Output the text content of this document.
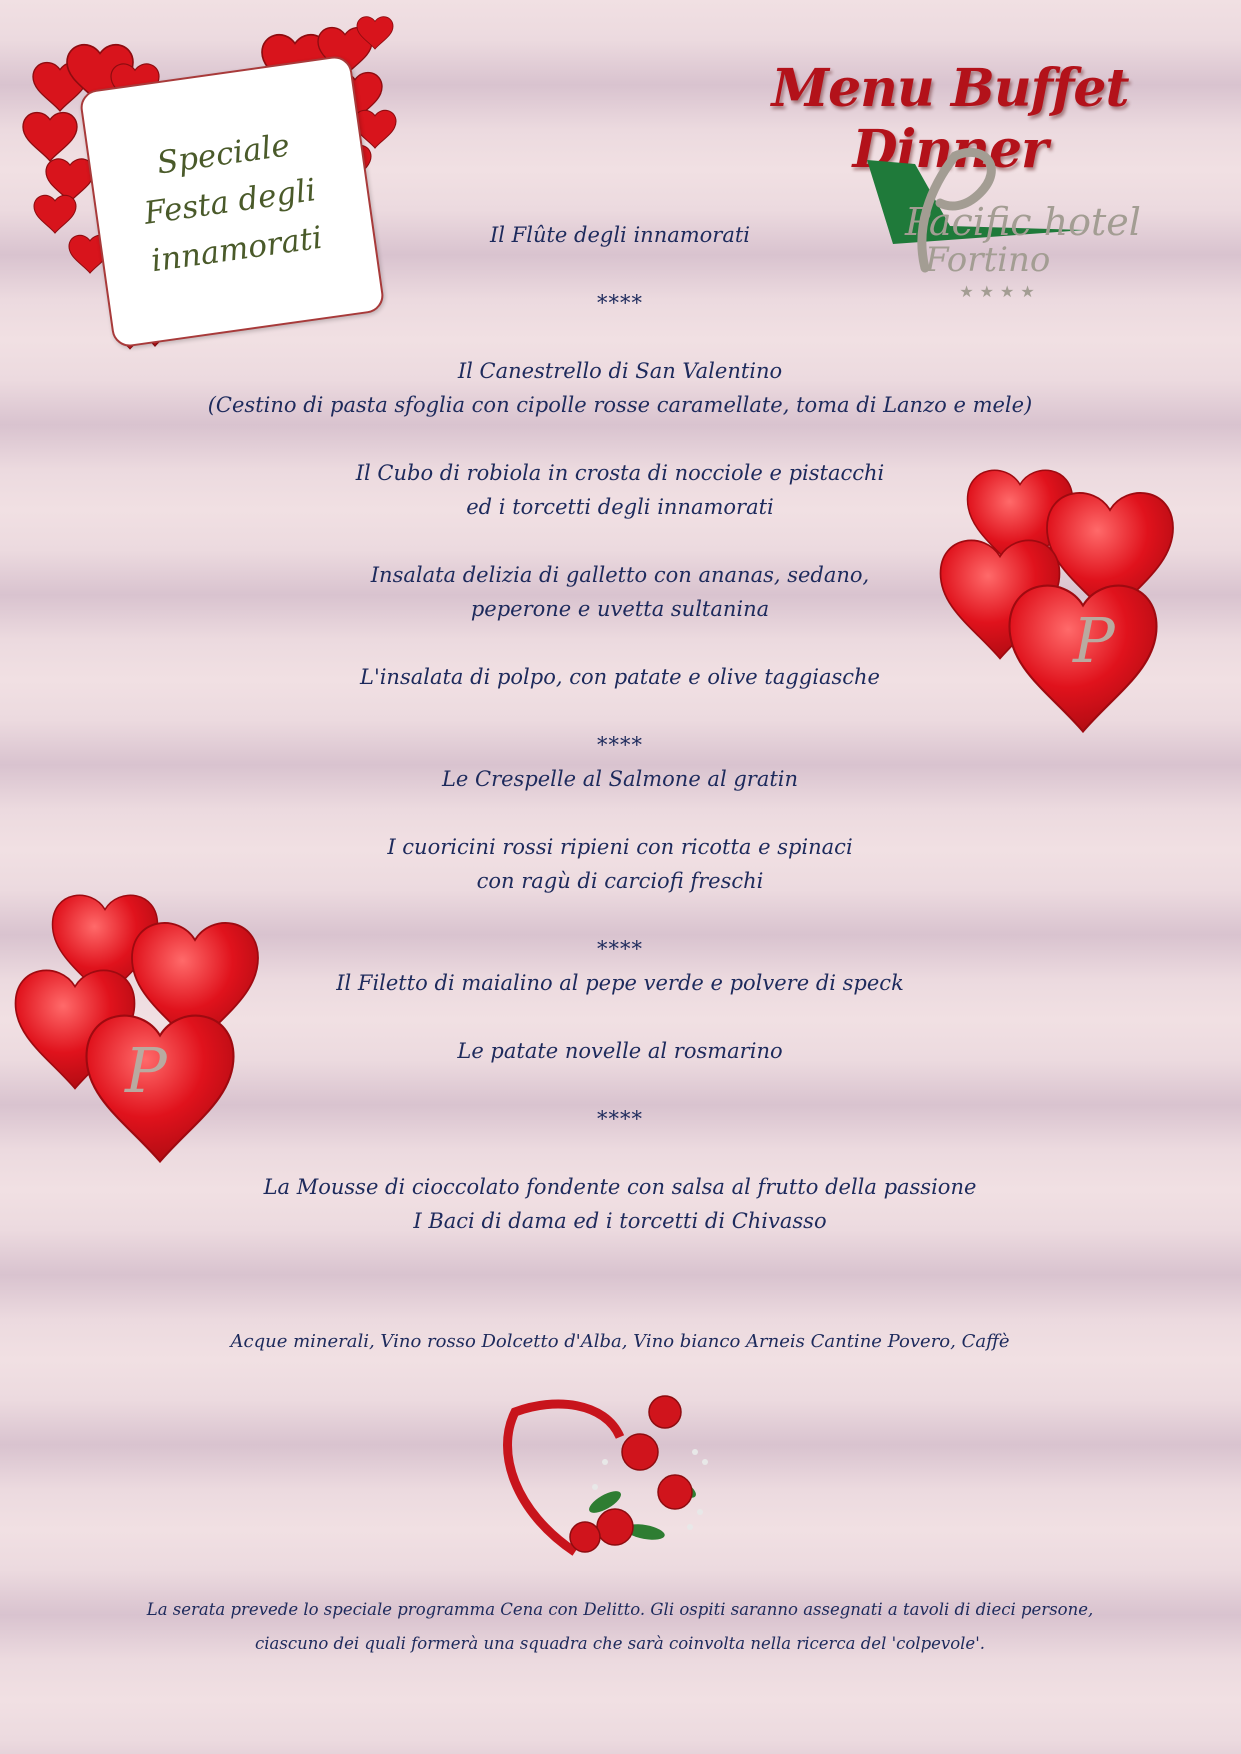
Menu Buffet Dinner
Pacific hotel
Fortino
★★★★
Speciale
Festa degli
innamorati
P
P
Il Flûte degli innamorati
****
Il Canestrello di San Valentino
(Cestino di pasta sfoglia con cipolle rosse caramellate, toma di Lanzo e mele)
Il Cubo di robiola in crosta di nocciole e pistacchi
ed i torcetti degli innamorati
Insalata delizia di galletto con ananas, sedano,
peperone e uvetta sultanina
L'insalata di polpo, con patate e olive taggiasche
****
Le Crespelle al Salmone al gratin
I cuoricini rossi ripieni con ricotta e spinaci
con ragù di carciofi freschi
****
Il Filetto di maialino al pepe verde e polvere di speck
Le patate novelle al rosmarino
****
La Mousse di cioccolato fondente con salsa al frutto della passione
I Baci di dama ed i torcetti di Chivasso
Acque minerali, Vino rosso Dolcetto d'Alba, Vino bianco Arneis Cantine Povero, Caffè
La serata prevede lo speciale programma Cena con Delitto. Gli ospiti saranno assegnati a tavoli di dieci persone,
ciascuno dei quali formerà una squadra che sarà coinvolta nella ricerca del 'colpevole'.
